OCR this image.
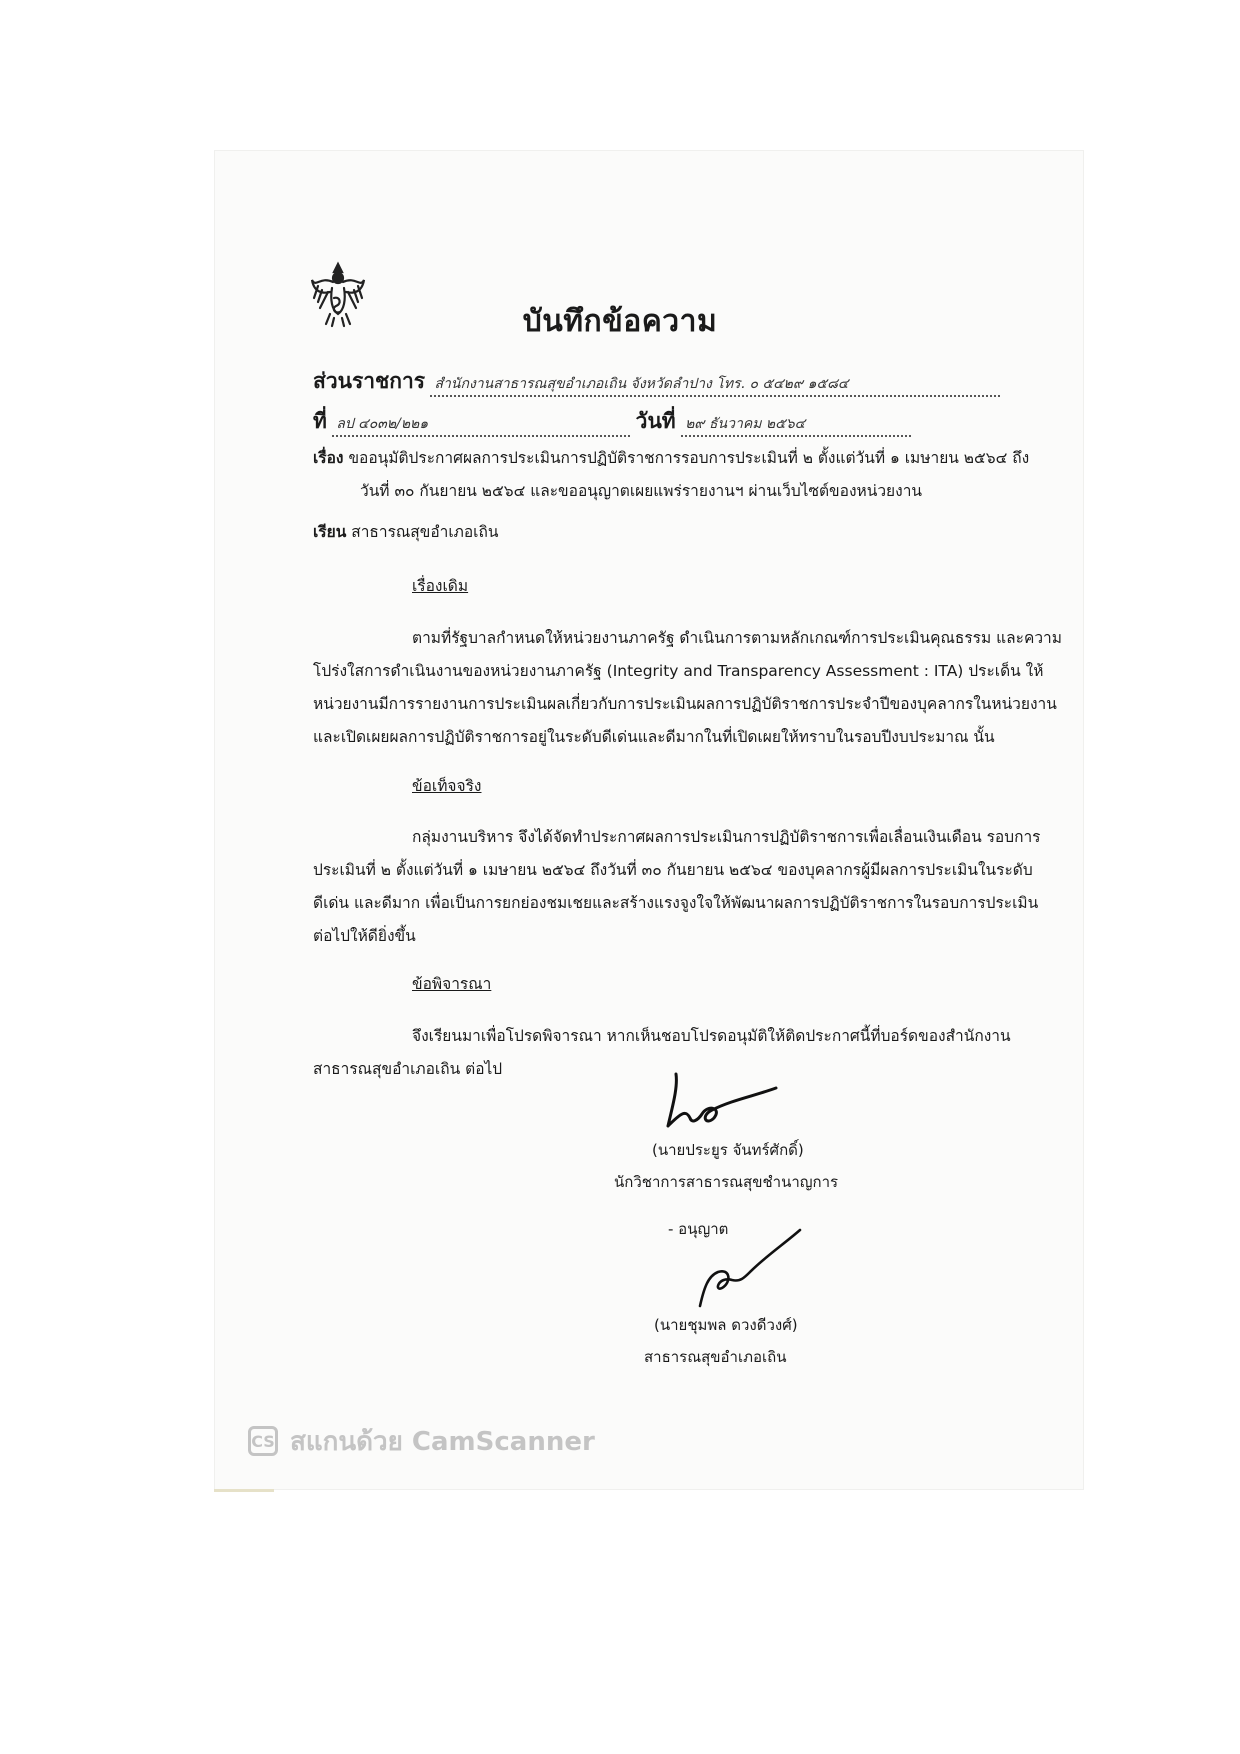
บันทึกข้อความ
ส่วนราชการ สำนักงานสาธารณสุขอำเภอเถิน จังหวัดลำปาง โทร. ๐ ๕๔๒๙ ๑๕๘๔
ที่ ลป ๔๐๓๒/๒๒๑	วันที่ ๒๙ ธันวาคม ๒๕๖๔
เรื่อง ขออนุมัติประกาศผลการประเมินการปฏิบัติราชการรอบการประเมินที่ ๒ ตั้งแต่วันที่ ๑ เมษายน ๒๕๖๔ ถึง
วันที่ ๓๐ กันยายน ๒๕๖๔ และขออนุญาตเผยแพร่รายงานฯ ผ่านเว็บไซต์ของหน่วยงาน
เรียน สาธารณสุขอำเภอเถิน
เรื่องเดิม
ตามที่รัฐบาลกำหนดให้หน่วยงานภาครัฐ ดำเนินการตามหลักเกณฑ์การประเมินคุณธรรม และความ
โปร่งใสการดำเนินงานของหน่วยงานภาครัฐ (Integrity and Transparency Assessment : ITA) ประเด็น ให้
หน่วยงานมีการรายงานการประเมินผลเกี่ยวกับการประเมินผลการปฏิบัติราชการประจำปีของบุคลากรในหน่วยงาน
และเปิดเผยผลการปฏิบัติราชการอยู่ในระดับดีเด่นและดีมากในที่เปิดเผยให้ทราบในรอบปีงบประมาณ นั้น
ข้อเท็จจริง
กลุ่มงานบริหาร จึงได้จัดทำประกาศผลการประเมินการปฏิบัติราชการเพื่อเลื่อนเงินเดือน รอบการ
ประเมินที่ ๒ ตั้งแต่วันที่ ๑ เมษายน ๒๕๖๔ ถึงวันที่ ๓๐ กันยายน ๒๕๖๔ ของบุคลากรผู้มีผลการประเมินในระดับ
ดีเด่น และดีมาก เพื่อเป็นการยกย่องชมเชยและสร้างแรงจูงใจให้พัฒนาผลการปฏิบัติราชการในรอบการประเมิน
ต่อไปให้ดียิ่งขึ้น
ข้อพิจารณา
จึงเรียนมาเพื่อโปรดพิจารณา หากเห็นชอบโปรดอนุมัติให้ติดประกาศนี้ที่บอร์ดของสำนักงาน
สาธารณสุขอำเภอเถิน ต่อไป
(นายประยูร จันทร์ศักดิ์)
นักวิชาการสาธารณสุขชำนาญการ
- อนุญาต
(นายชุมพล ดวงดีวงศ์)
สาธารณสุขอำเภอเถิน
CS สแกนด้วย CamScanner
